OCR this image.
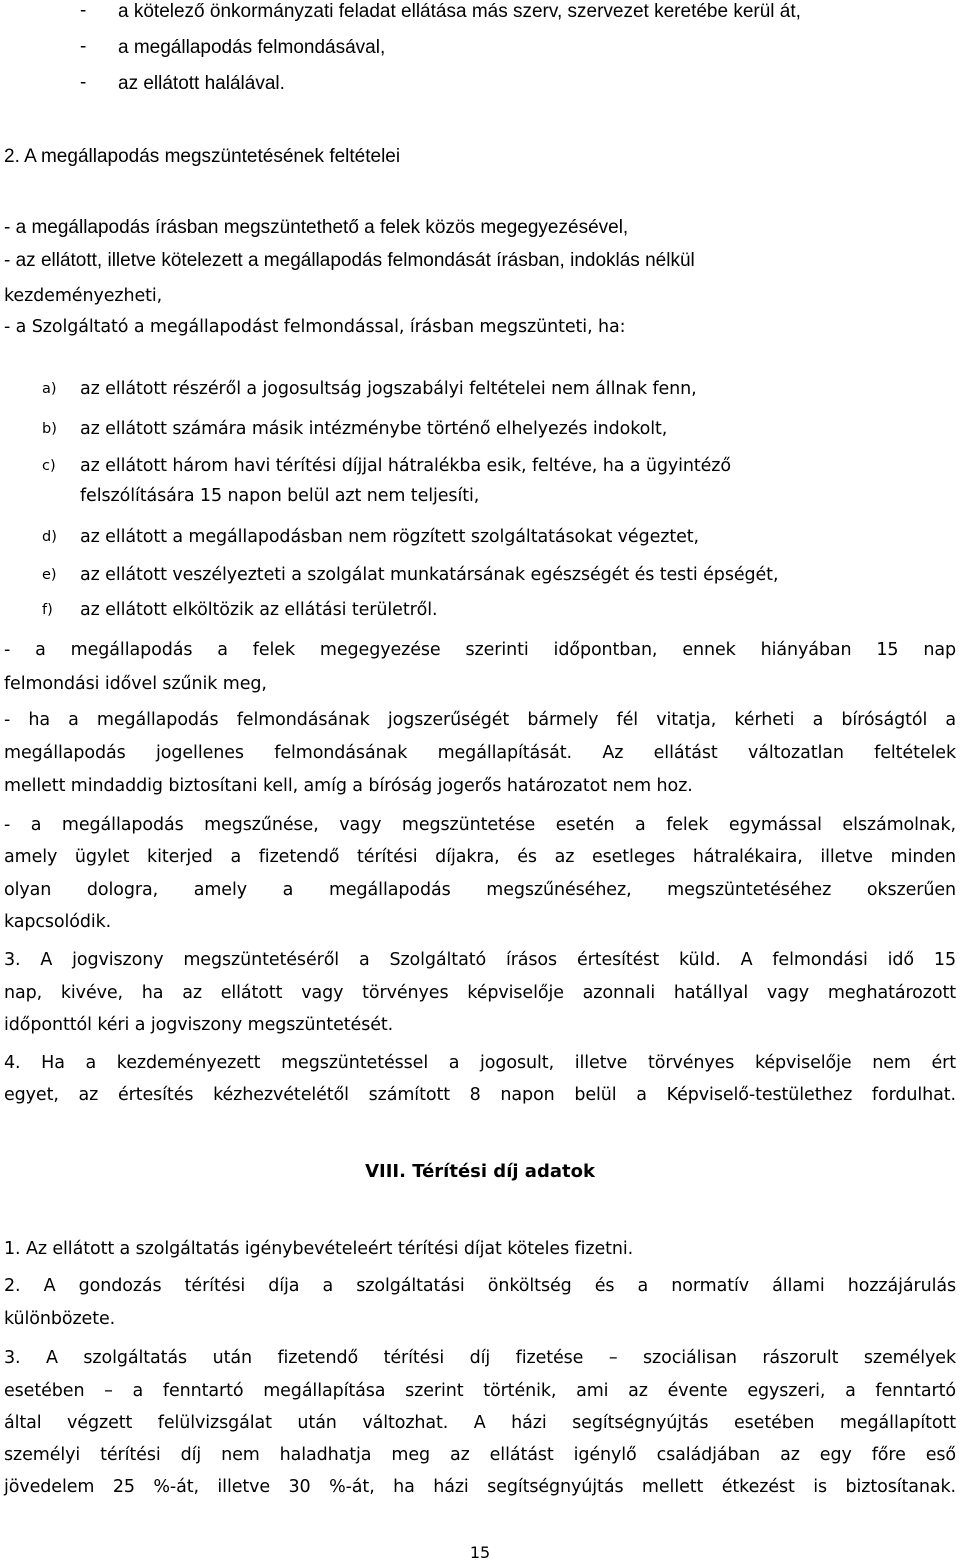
- a kötelező önkormányzati feladat ellátása más szerv, szervezet keretébe kerül át,
- a megállapodás felmondásával,
- az ellátott halálával.
2. A megállapodás megszüntetésének feltételei
- a megállapodás írásban megszüntethető a felek közös megegyezésével,
- az ellátott, illetve kötelezett a megállapodás felmondását írásban, indoklás nélkül
kezdeményezheti,
- a Szolgáltató a megállapodást felmondással, írásban megszünteti, ha:
a) az ellátott részéről a jogosultság jogszabályi feltételei nem állnak fenn,
b) az ellátott számára másik intézménybe történő elhelyezés indokolt,
c) az ellátott három havi térítési díjjal hátralékba esik, feltéve, ha a ügyintéző
felszólítására 15 napon belül azt nem teljesíti,
d) az ellátott a megállapodásban nem rögzített szolgáltatásokat végeztet,
e) az ellátott veszélyezteti a szolgálat munkatársának egészségét és testi épségét,
f) az ellátott elköltözik az ellátási területről.
- a megállapodás a felek megegyezése szerinti időpontban, ennek hiányában 15 nap
felmondási idővel szűnik meg,
- ha a megállapodás felmondásának jogszerűségét bármely fél vitatja, kérheti a bíróságtól a
megállapodás jogellenes felmondásának megállapítását. Az ellátást változatlan feltételek
mellett mindaddig biztosítani kell, amíg a bíróság jogerős határozatot nem hoz.
- a megállapodás megszűnése, vagy megszüntetése esetén a felek egymással elszámolnak,
amely ügylet kiterjed a fizetendő térítési díjakra, és az esetleges hátralékaira, illetve minden
olyan dologra, amely a megállapodás megszűnéséhez, megszüntetéséhez okszerűen
kapcsolódik.
3. A jogviszony megszüntetéséről a Szolgáltató írásos értesítést küld. A felmondási idő 15
nap, kivéve, ha az ellátott vagy törvényes képviselője azonnali hatállyal vagy meghatározott
időponttól kéri a jogviszony megszüntetését.
4. Ha a kezdeményezett megszüntetéssel a jogosult, illetve törvényes képviselője nem ért
egyet, az értesítés kézhezvételétől számított 8 napon belül a Képviselő-testülethez fordulhat.
VIII. Térítési díj adatok
1. Az ellátott a szolgáltatás igénybevételeért térítési díjat köteles fizetni.
2. A gondozás térítési díja a szolgáltatási önköltség és a normatív állami hozzájárulás
különbözete.
3. A szolgáltatás után fizetendő térítési díj fizetése – szociálisan rászorult személyek
esetében – a fenntartó megállapítása szerint történik, ami az évente egyszeri, a fenntartó
által végzett felülvizsgálat után változhat. A házi segítségnyújtás esetében megállapított
személyi térítési díj nem haladhatja meg az ellátást igénylő családjában az egy főre eső
jövedelem 25 %-át, illetve 30 %-át, ha házi segítségnyújtás mellett étkezést is biztosítanak.
15
